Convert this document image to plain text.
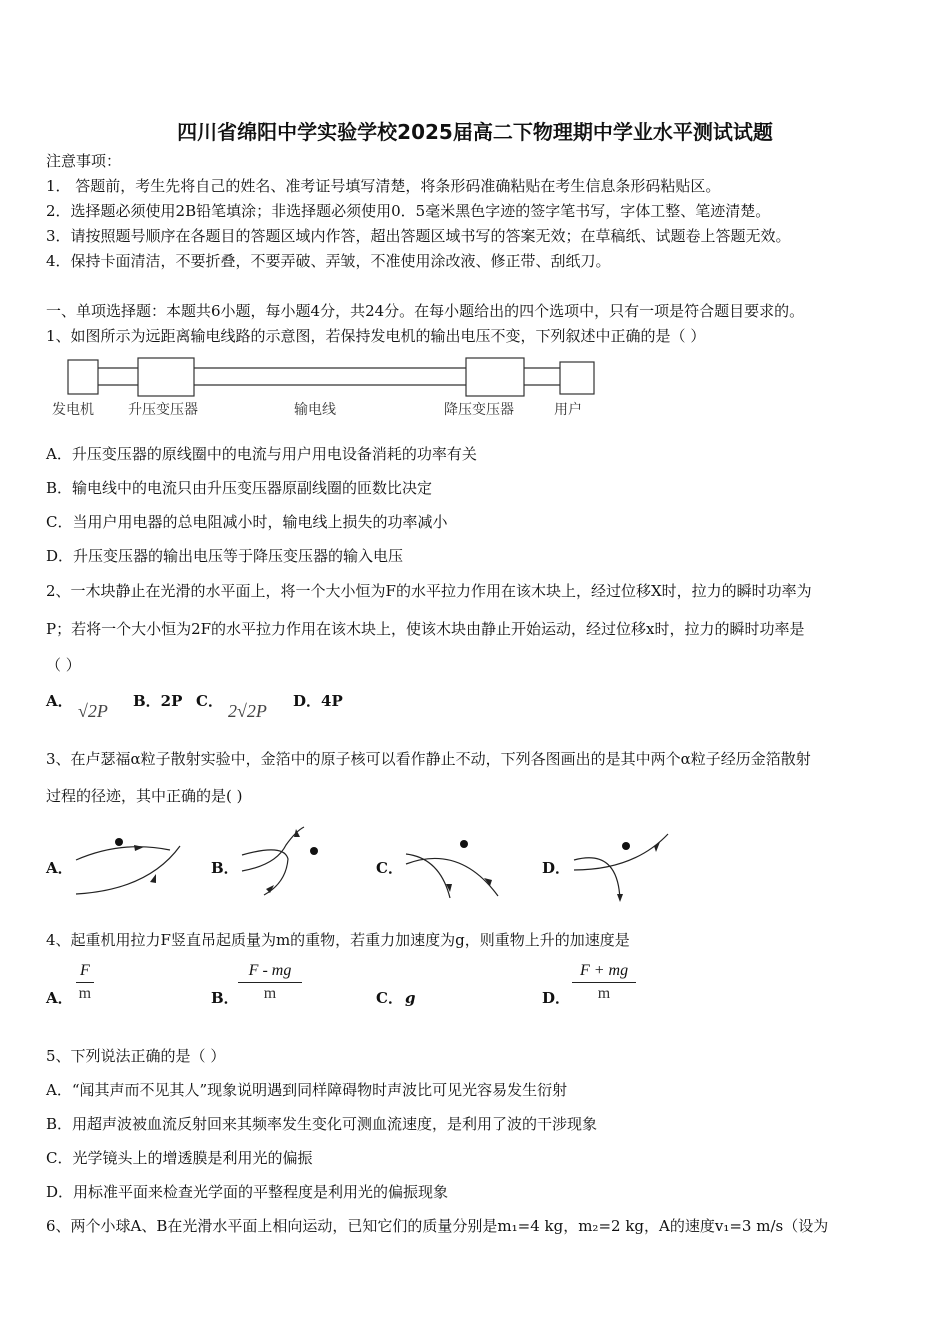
四川省绵阳中学实验学校2025届高二下物理期中学业水平测试试题
注意事项：
1． 答题前，考生先将自己的姓名、准考证号填写清楚，将条形码准确粘贴在考生信息条形码粘贴区。
2．选择题必须使用2B铅笔填涂；非选择题必须使用0．5毫米黑色字迹的签字笔书写，字体工整、笔迹清楚。
3．请按照题号顺序在各题目的答题区域内作答，超出答题区域书写的答案无效；在草稿纸、试题卷上答题无效。
4．保持卡面清洁，不要折叠，不要弄破、弄皱，不准使用涂改液、修正带、刮纸刀。
一、单项选择题：本题共6小题，每小题4分，共24分。在每小题给出的四个选项中，只有一项是符合题目要求的。
1、如图所示为远距离输电线路的示意图，若保持发电机的输出电压不变，下列叙述中正确的是（ ）
发电机 升压变压器	输电线	降压变压器	用户
A．升压变压器的原线圈中的电流与用户用电设备消耗的功率有关
B．输电线中的电流只由升压变压器原副线圈的匝数比决定
C．当用户用电器的总电阻减小时，输电线上损失的功率减小
D．升压变压器的输出电压等于降压变压器的输入电压
2、一木块静止在光滑的水平面上，将一个大小恒为F的水平拉力作用在该木块上，经过位移X时，拉力的瞬时功率为
P；若将一个大小恒为2F的水平拉力作用在该木块上，使该木块由静止开始运动，经过位移x时，拉力的瞬时功率是
（ ）
A． √2P B．2P C． 2√2P D．4P
3、在卢瑟福α粒子散射实验中，金箔中的原子核可以看作静止不动，下列各图画出的是其中两个α粒子经历金箔散射
过程的径迹，其中正确的是( )
A．	B．	C．	D．
4、起重机用拉力F竖直吊起质量为m的重物，若重力加速度为g，则重物上升的加速度是
A．
F
m	B．
F - mg
m	C． g	D．
F + mg
m
5、下列说法正确的是（ ）
A．“闻其声而不见其人”现象说明遇到同样障碍物时声波比可见光容易发生衍射
B．用超声波被血流反射回来其频率发生变化可测血流速度，是利用了波的干涉现象
C．光学镜头上的增透膜是利用光的偏振
D．用标准平面来检查光学面的平整程度是利用光的偏振现象
6、两个小球A、B在光滑水平面上相向运动，已知它们的质量分别是m₁=4 kg，m₂=2 kg，A的速度v₁=3 m/s（设为
